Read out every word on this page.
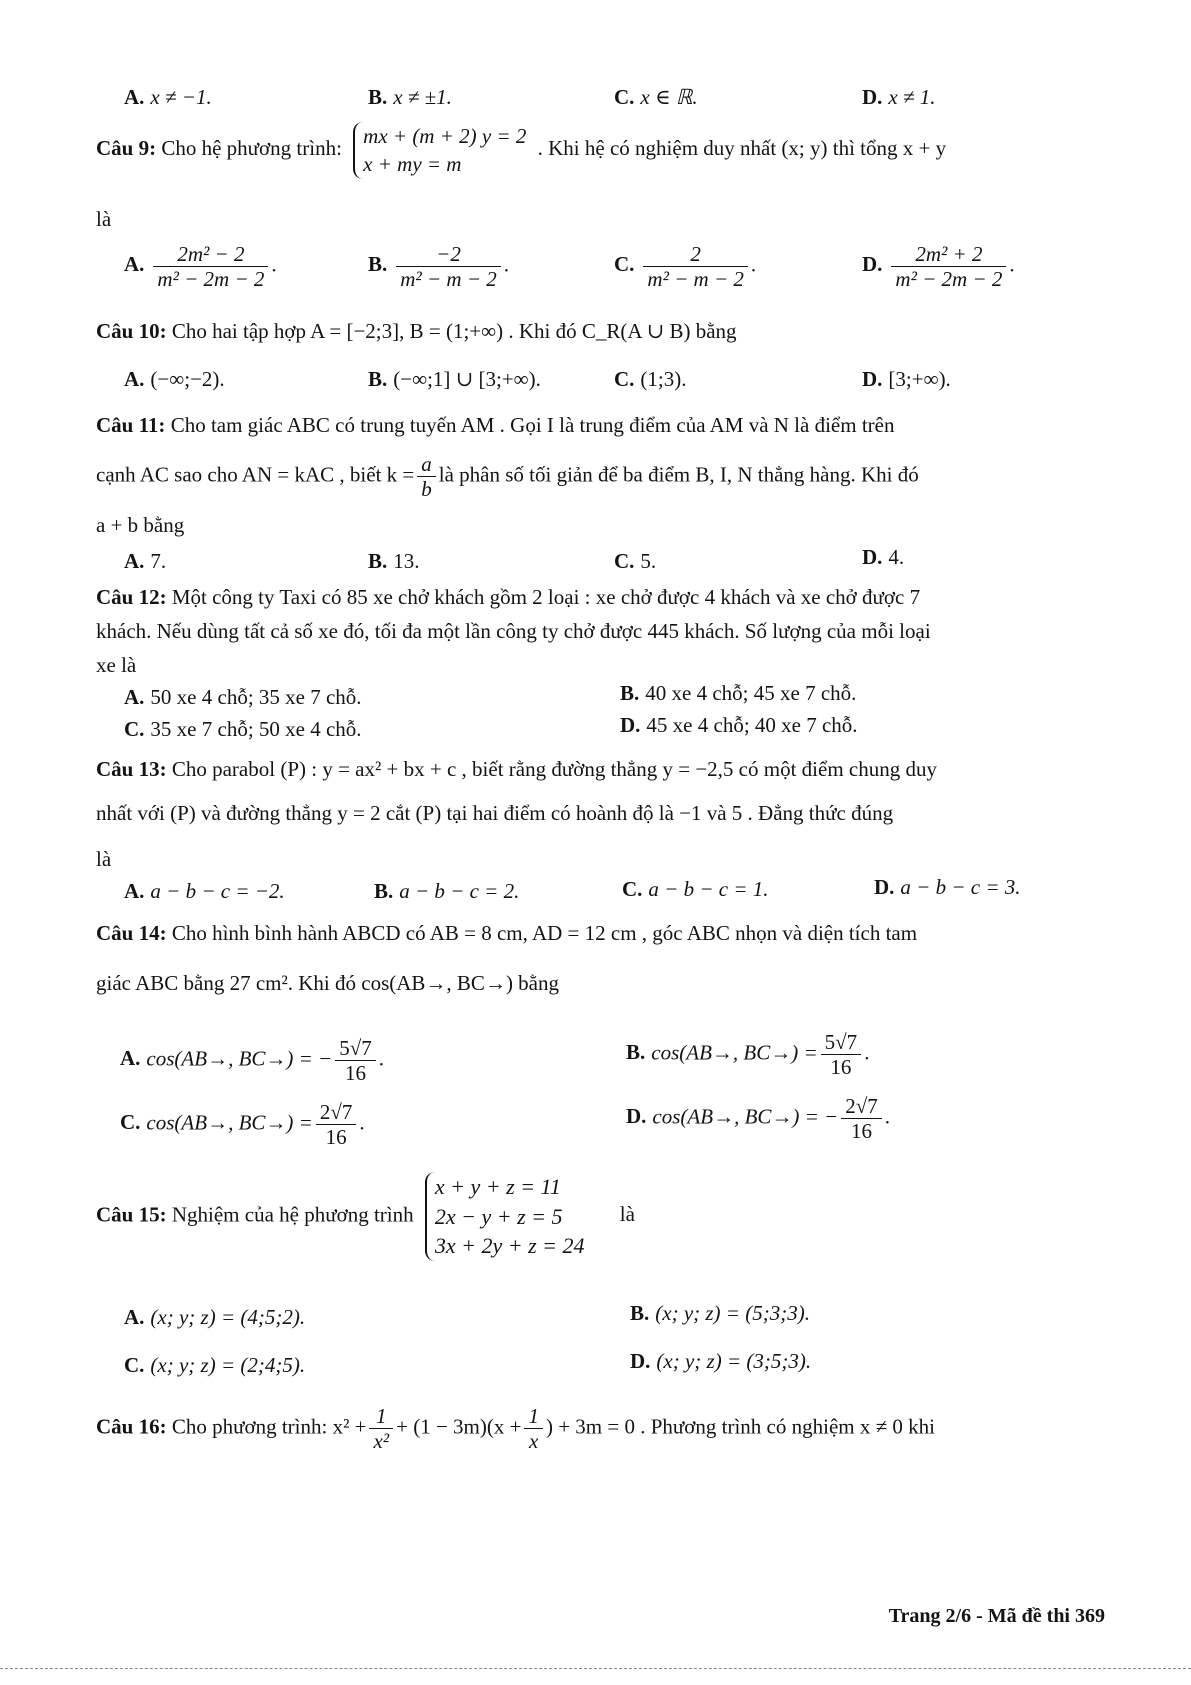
A. x ≠ −1.	B. x ≠ ±1.	C. x ∈ ℝ.	D. x ≠ 1.
Câu 9: Cho hệ phương trình:
mx + (m + 2) y = 2
x + my = m
. Khi hệ có nghiệm duy nhất (x; y) thì tổng x + y
là
A. $\frac{\text{2m² − 2}}{\text{m² − 2m − 2}}$ .	B. $\frac{-2}{\text{m² − m − 2}}$ .	C. $\frac{2}{\text{m² − m − 2}}$ .	D. $\frac{\text{2m² + 2}}{\text{m² − 2m − 2}}$ .
Câu 10: Cho hai tập hợp A = [−2;3], B = (1;+∞) . Khi đó C_R(A ∪ B) bằng
A. (−∞;−2).	B. (−∞;1] ∪ [3;+∞).	C. (1;3).	D. [3;+∞).
Câu 11: Cho tam giác ABC có trung tuyến AM . Gọi I là trung điểm của AM và N là điểm trên
cạnh AC sao cho AN = kAC , biết $k = \frac{a}{b}$ là phân số tối giản để ba điểm B, I, N thẳng hàng. Khi đó
a + b bằng
A. 7.	B. 13.	C. 5.	D. 4.
Câu 12: Một công ty Taxi có 85 xe chở khách gồm 2 loại : xe chở được 4 khách và xe chở được 7
khách. Nếu dùng tất cả số xe đó, tối đa một lần công ty chở được 445 khách. Số lượng của mỗi loại
xe là
A. 50 xe 4 chỗ; 35 xe 7 chỗ.	B. 40 xe 4 chỗ; 45 xe 7 chỗ.
C. 35 xe 7 chỗ; 50 xe 4 chỗ.	D. 45 xe 4 chỗ; 40 xe 7 chỗ.
Câu 13: Cho parabol (P) : y = ax² + bx + c , biết rằng đường thẳng y = −2,5 có một điểm chung duy
nhất với (P) và đường thẳng y = 2 cắt (P) tại hai điểm có hoành độ là −1 và 5 . Đẳng thức đúng
là
A. a − b − c = −2.	B. a − b − c = 2.	C. a − b − c = 1.	D. a − b − c = 3.
Câu 14: Cho hình bình hành ABCD có AB = 8 cm, AD = 12 cm , góc ABC nhọn và diện tích tam
giác ABC bằng 27 cm². Khi đó cos(AB→, BC→) bằng
A. cos(AB→, BC→) = − $\frac{5√7}{16}$ .	B. cos(AB→, $BC\to) = \frac{5√7}{16}$ .
C. cos(AB→, $BC\to) = \frac{2√7}{16}$ .	D. cos(AB→, BC→) = − $\frac{2√7}{16}$ .
Câu 15: Nghiệm của hệ phương trình
x + y + z = 11
2x − y + z = 5
3x + 2y + z = 24
là
A. (x; y; z) = (4;5;2).	B. (x; y; z) = (5;3;3).
C. (x; y; z) = (2;4;5).	D. (x; y; z) = (3;5;3).
Câu 16: Cho phương trình: $x^2 + \frac{1}{\text{x²}} + (1 - 3m)(x + \frac{1}{x}$ ) + 3m = 0 . Phương trình có nghiệm x ≠ 0 khi
Trang 2/6 - Mã đề thi 369
